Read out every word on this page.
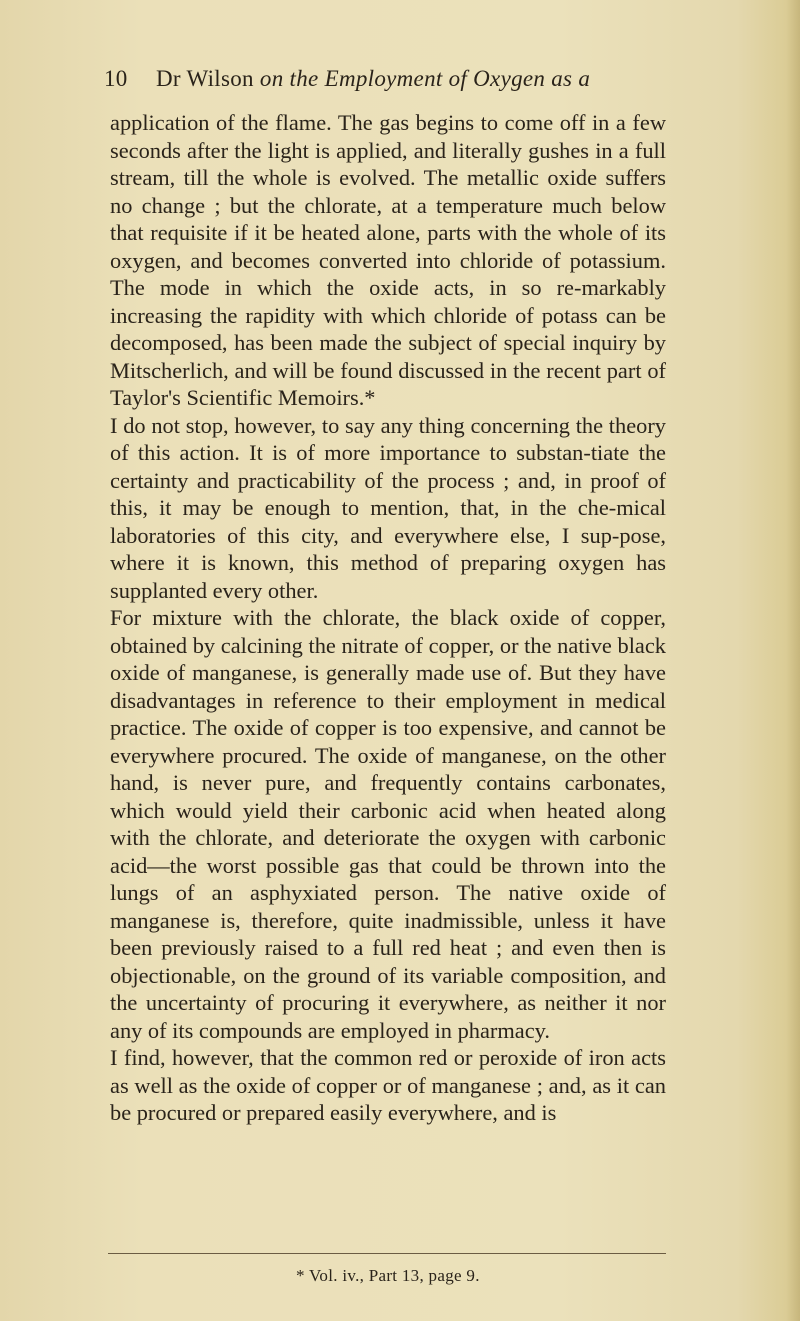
10 Dr Wilson on the Employment of Oxygen as a

application of the flame. The gas begins to come off in a few seconds after the light is applied, and literally gushes in a full stream, till the whole is evolved. The metallic oxide suffers no change ; but the chlorate, at a temperature much below that requisite if it be heated alone, parts with the whole of its oxygen, and becomes converted into chloride of potassium. The mode in which the oxide acts, in so re-markably increasing the rapidity with which chloride of potass can be decomposed, has been made the subject of special inquiry by Mitscherlich, and will be found discussed in the recent part of Taylor's Scientific Memoirs.*

I do not stop, however, to say any thing concerning the theory of this action. It is of more importance to substan-tiate the certainty and practicability of the process ; and, in proof of this, it may be enough to mention, that, in the che-mical laboratories of this city, and everywhere else, I sup-pose, where it is known, this method of preparing oxygen has supplanted every other.

For mixture with the chlorate, the black oxide of copper, obtained by calcining the nitrate of copper, or the native black oxide of manganese, is generally made use of. But they have disadvantages in reference to their employment in medical practice. The oxide of copper is too expensive, and cannot be everywhere procured. The oxide of manganese, on the other hand, is never pure, and frequently contains carbonates, which would yield their carbonic acid when heated along with the chlorate, and deteriorate the oxygen with carbonic acid—the worst possible gas that could be thrown into the lungs of an asphyxiated person. The native oxide of manganese is, therefore, quite inadmissible, unless it have been previously raised to a full red heat ; and even then is objectionable, on the ground of its variable composition, and the uncertainty of procuring it everywhere, as neither it nor any of its compounds are employed in pharmacy.

I find, however, that the common red or peroxide of iron acts as well as the oxide of copper or of manganese ; and, as it can be procured or prepared easily everywhere, and is

* Vol. iv., Part 13, page 9.
